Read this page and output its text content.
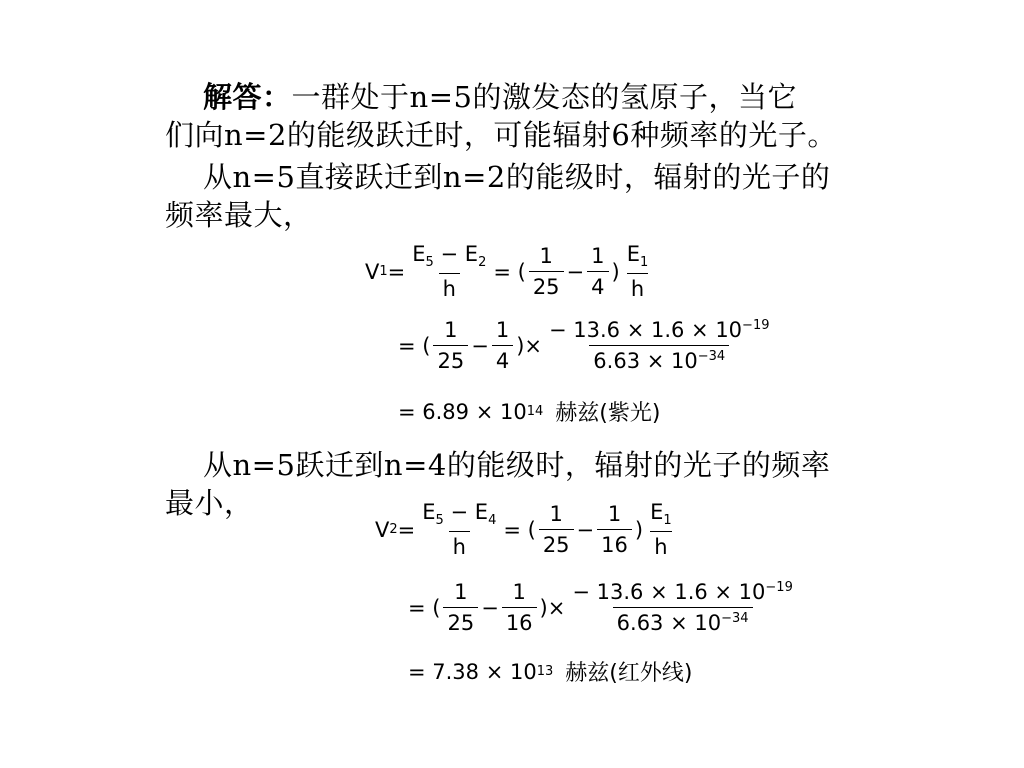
解答：一群处于n=5的激发态的氢原子，当它
们向n=2的能级跃迁时，可能辐射6种频率的光子。
从n=5直接跃迁到n=2的能级时，辐射的光子的
频率最大，
V $1 = \frac{E_5 - E_2}{h}$ = ( $\frac{1}{25} - \frac{1}{4}$ ) $\frac{E_1}{h}$
= ( $\frac{1}{25} - \frac{1}{4}$ ) × $\frac{- 13.6 \times 1.6 \times 10^{-19}}{6.63 \times 10^{-34}}$
= 6.89 × 10 14 赫兹(紫光)
从n=5跃迁到n=4的能级时，辐射的光子的频率
最小，
V $2 = \frac{E_5 - E_4}{h}$ = ( $\frac{1}{25} - \frac{1}{16}$ ) $\frac{E_1}{h}$
= ( $\frac{1}{25} - \frac{1}{16}$ ) × $\frac{- 13.6 \times 1.6 \times 10^{-19}}{6.63 \times 10^{-34}}$
= 7.38 × 10 13 赫兹(红外线)
